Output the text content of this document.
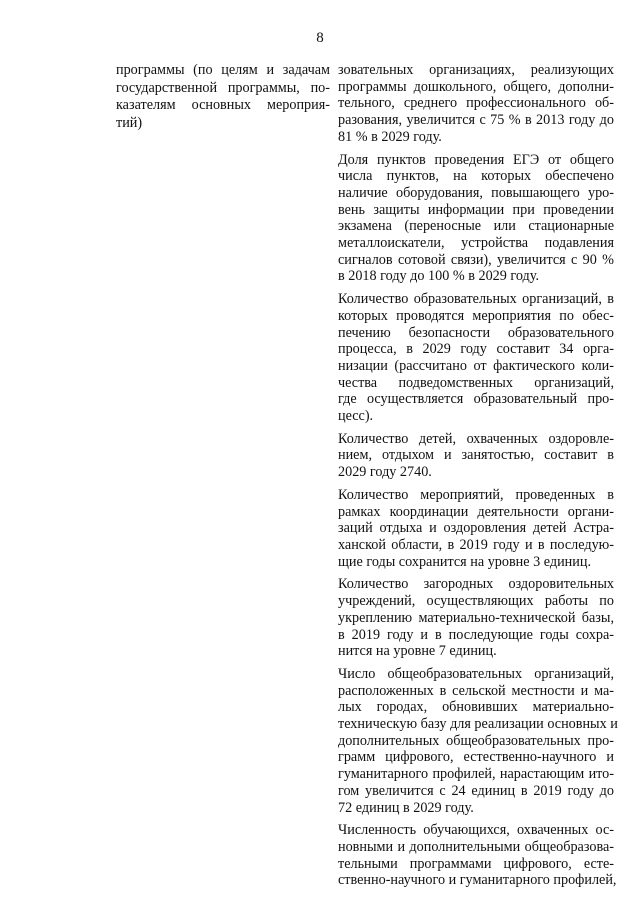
8
программы (по целям и задачам
государственной программы, по-
казателям основных мероприя-
тий)
зовательных организациях, реализующих
программы дошкольного, общего, дополни-
тельного, среднего профессионального об-
разования, увеличится с 75 % в 2013 году до
81 % в 2029 году.
Доля пунктов проведения ЕГЭ от общего
числа пунктов, на которых обеспечено
наличие оборудования, повышающего уро-
вень защиты информации при проведении
экзамена (переносные или стационарные
металлоискатели, устройства подавления
сигналов сотовой связи), увеличится с 90 %
в 2018 году до 100 % в 2029 году.
Количество образовательных организаций, в
которых проводятся мероприятия по обес-
печению безопасности образовательного
процесса, в 2029 году составит 34 орга-
низации (рассчитано от фактического коли-
чества подведомственных организаций,
где осуществляется образовательный про-
цесс).
Количество детей, охваченных оздоровле-
нием, отдыхом и занятостью, составит в
2029 году 2740.
Количество мероприятий, проведенных в
рамках координации деятельности органи-
заций отдыха и оздоровления детей Астра-
ханской области, в 2019 году и в последую-
щие годы сохранится на уровне 3 единиц.
Количество загородных оздоровительных
учреждений, осуществляющих работы по
укреплению материально-технической базы,
в 2019 году и в последующие годы сохра-
нится на уровне 7 единиц.
Число общеобразовательных организаций,
расположенных в сельской местности и ма-
лых городах, обновивших материально-
техническую базу для реализации основных и
дополнительных общеобразовательных про-
грамм цифрового, естественно-научного и
гуманитарного профилей, нарастающим ито-
гом увеличится с 24 единиц в 2019 году до
72 единиц в 2029 году.
Численность обучающихся, охваченных ос-
новными и дополнительными общеобразова-
тельными программами цифрового, есте-
ственно-научного и гуманитарного профилей,
